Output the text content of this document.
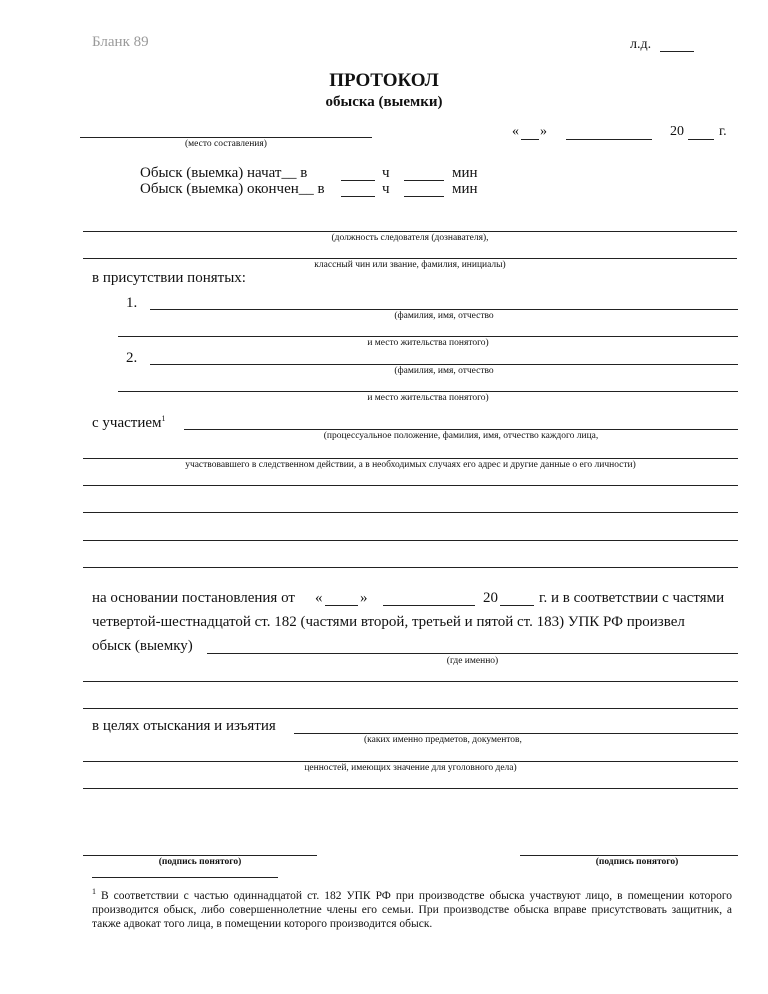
Бланк 89	л.д.
ПРОТОКОЛ
обыска (выемки)
(место составления)
« »	20	г.
Обыск (выемка) начат__ в	ч	мин
Обыск (выемка) окончен__ в	ч	мин
(должность следователя (дознавателя),
классный чин или звание, фамилия, инициалы)
в присутствии понятых:
1.
(фамилия, имя, отчество
и место жительства понятого)
2.
(фамилия, имя, отчество
и место жительства понятого)
с участием$^1$
(процессуальное положение, фамилия, имя, отчество каждого лица,
участвовавшего в следственном действии, а в необходимых случаях его адрес и другие данные о его личности)
на основании постановления от «	»	20	г. и в соответствии с частями
четвертой-шестнадцатой ст. 182 (частями второй, третьей и пятой ст. 183) УПК РФ произвел
обыск (выемку)
(где именно)
в целях отыскания и изъятия
(каких именно предметов, документов,
ценностей, имеющих значение для уголовного дела)
(подпись понятого)	(подпись понятого)
$^1$ В соответствии с частью одиннадцатой ст. 182 УПК РФ при производстве обыска участвуют лицо, в помещении которого производится обыск, либо совершеннолетние члены его семьи. При производстве обыска вправе присутствовать защитник, а также адвокат того лица, в помещении которого производится обыск.
